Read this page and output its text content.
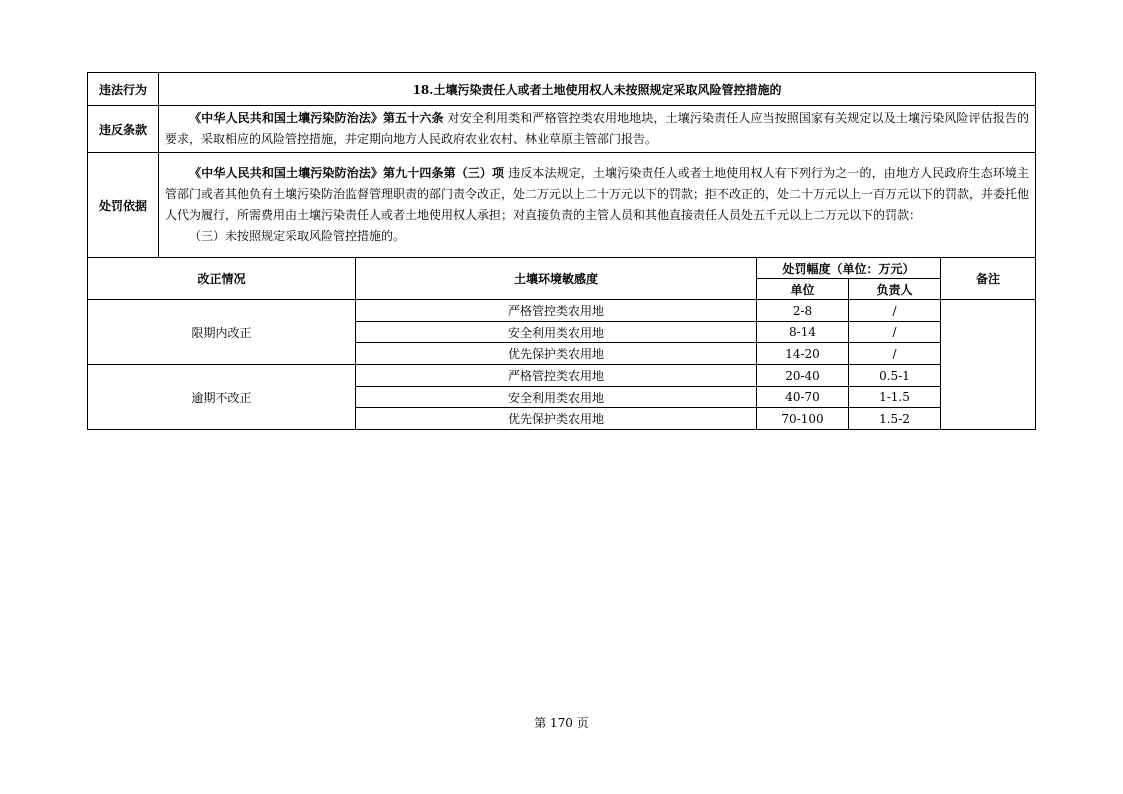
违法行为	18.土壤污染责任人或者土地使用权人未按照规定采取风险管控措施的				
违反条款	《中华人民共和国土壤污染防治法》第五十六条 对安全利用类和严格管控类农用地地块，土壤污染责任人应当按照国家有关规定以及土壤污染风险评估报告的要求，采取相应的风险管控措施，并定期向地方人民政府农业农村、林业草原主管部门报告。				
处罚依据	《中华人民共和国土壤污染防治法》第九十四条第（三）项 违反本法规定，土壤污染责任人或者土地使用权人有下列行为之一的，由地方人民政府生态环境主管部门或者其他负有土壤污染防治监督管理职责的部门责令改正，处二万元以上二十万元以下的罚款；拒不改正的，处二十万元以上一百万元以下的罚款，并委托他人代为履行，所需费用由土壤污染责任人或者土地使用权人承担；对直接负责的主管人员和其他直接责任人员处五千元以上二万元以下的罚款：
（三）未按照规定采取风险管控措施的。				
改正情况		土壤环境敏感度	处罚幅度（单位：万元）		备注
			单位	负责人	
限期内改正		严格管控类农用地	2-8	/	
		安全利用类农用地	8-14	/	
		优先保护类农用地	14-20	/	
逾期不改正		严格管控类农用地	20-40	0.5-1	
		安全利用类农用地	40-70	1-1.5	
		优先保护类农用地	70-100	1.5-2	
第 170 页
